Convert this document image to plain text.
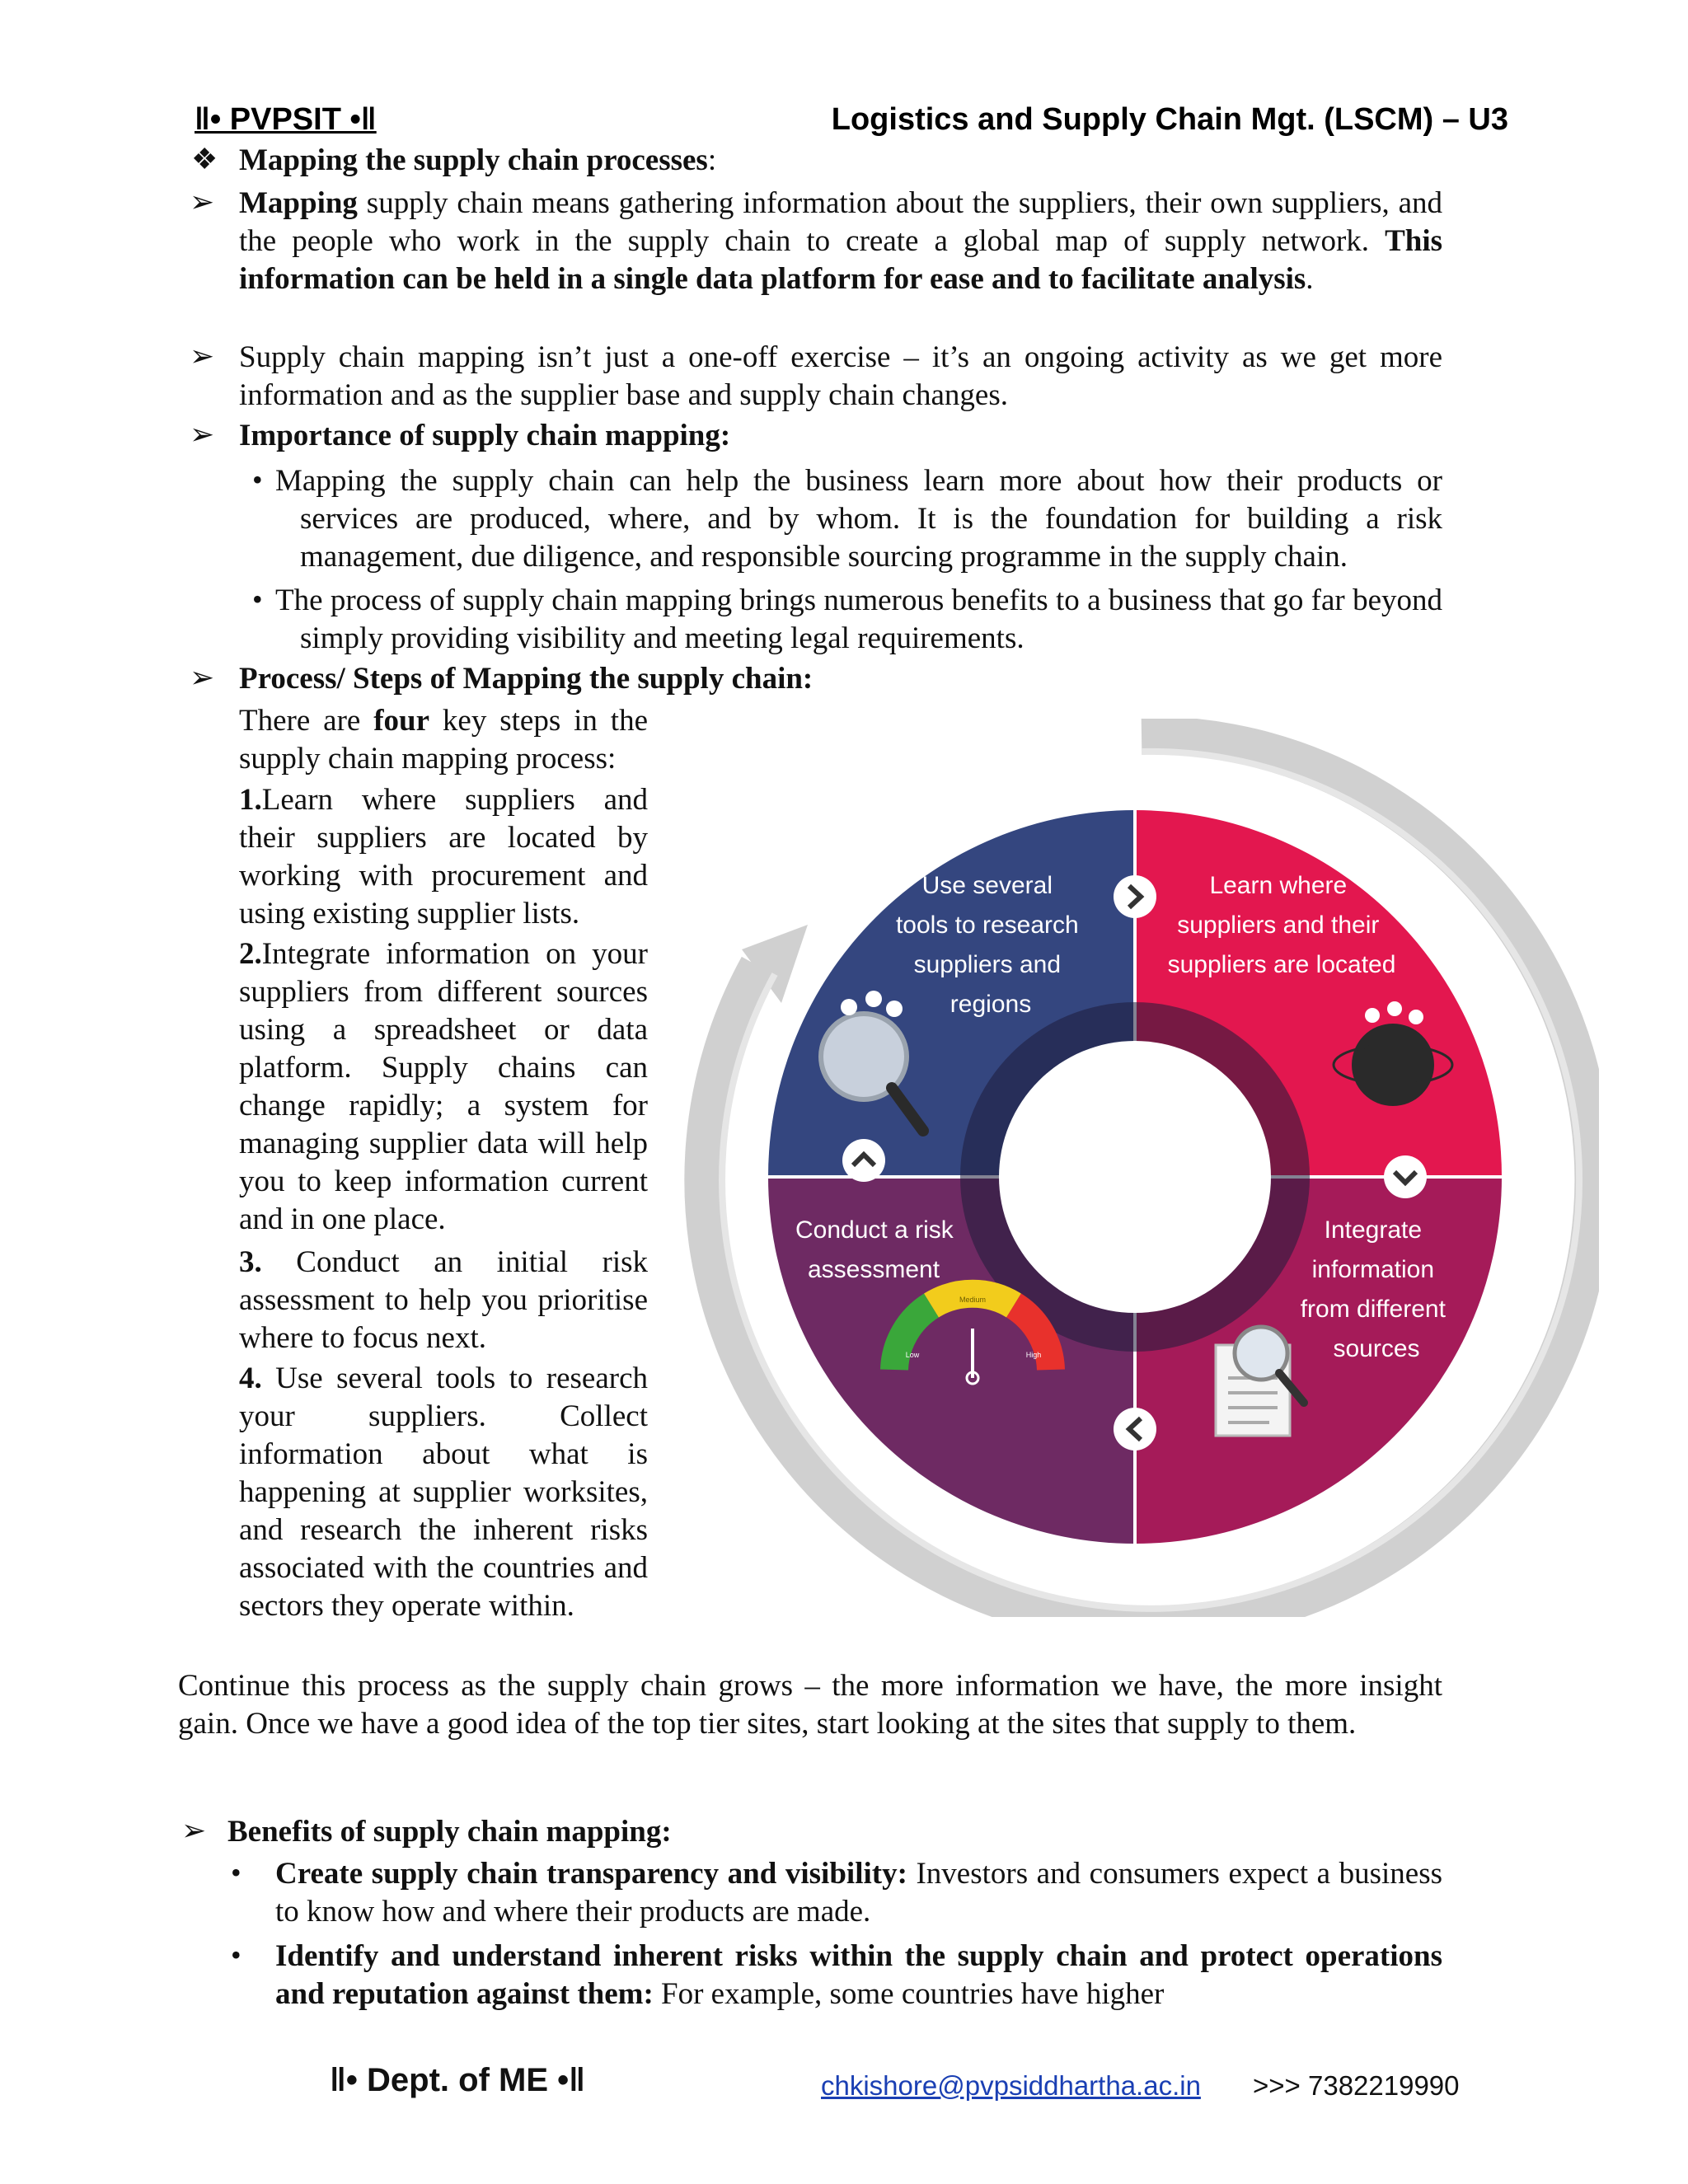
‖• PVPSIT •‖	Logistics and Supply Chain Mgt. (LSCM) – U3
❖ Mapping the supply chain processes:
➢ Mapping supply chain means gathering information about the suppliers, their own suppliers, and the people who work in the supply chain to create a global map of supply network. This information can be held in a single data platform for ease and to facilitate analysis.
➢ Supply chain mapping isn’t just a one-off exercise – it’s an ongoing activity as we get more information and as the supplier base and supply chain changes.
➢ Importance of supply chain mapping:
• Mapping the supply chain can help the business learn more about how their products or services are produced, where, and by whom. It is the foundation for building a risk management, due diligence, and responsible sourcing programme in the supply chain.
• The process of supply chain mapping brings numerous benefits to a business that go far beyond simply providing visibility and meeting legal requirements.
➢ Process/ Steps of Mapping the supply chain:
There are four key steps in the supply chain mapping process:
1.Learn where suppliers and their suppliers are located by working with procurement and using existing supplier lists.
2.Integrate information on your suppliers from different sources using a spreadsheet or data platform. Supply chains can change rapidly; a system for managing supplier data will help you to keep information current and in one place.
3. Conduct an initial risk assessment to help you prioritise where to focus next.
4. Use several tools to research your suppliers. Collect information about what is happening at supplier worksites, and research the inherent risks associated with the countries and sectors they operate within.
Use several tools to research suppliers and regions
Learn where suppliers and their suppliers are located
Conduct a risk assessment
Integrate information from different sources
Low
Medium
High
Continue this process as the supply chain grows – the more information we have, the more insight gain. Once we have a good idea of the top tier sites, start looking at the sites that supply to them.
➢ Benefits of supply chain mapping:
• Create supply chain transparency and visibility: Investors and consumers expect a business to know how and where their products are made.
• Identify and understand inherent risks within the supply chain and protect operations and reputation against them: For example, some countries have higher
‖• Dept. of ME •‖	chkishore@pvpsiddhartha.ac.in >>> 7382219990
